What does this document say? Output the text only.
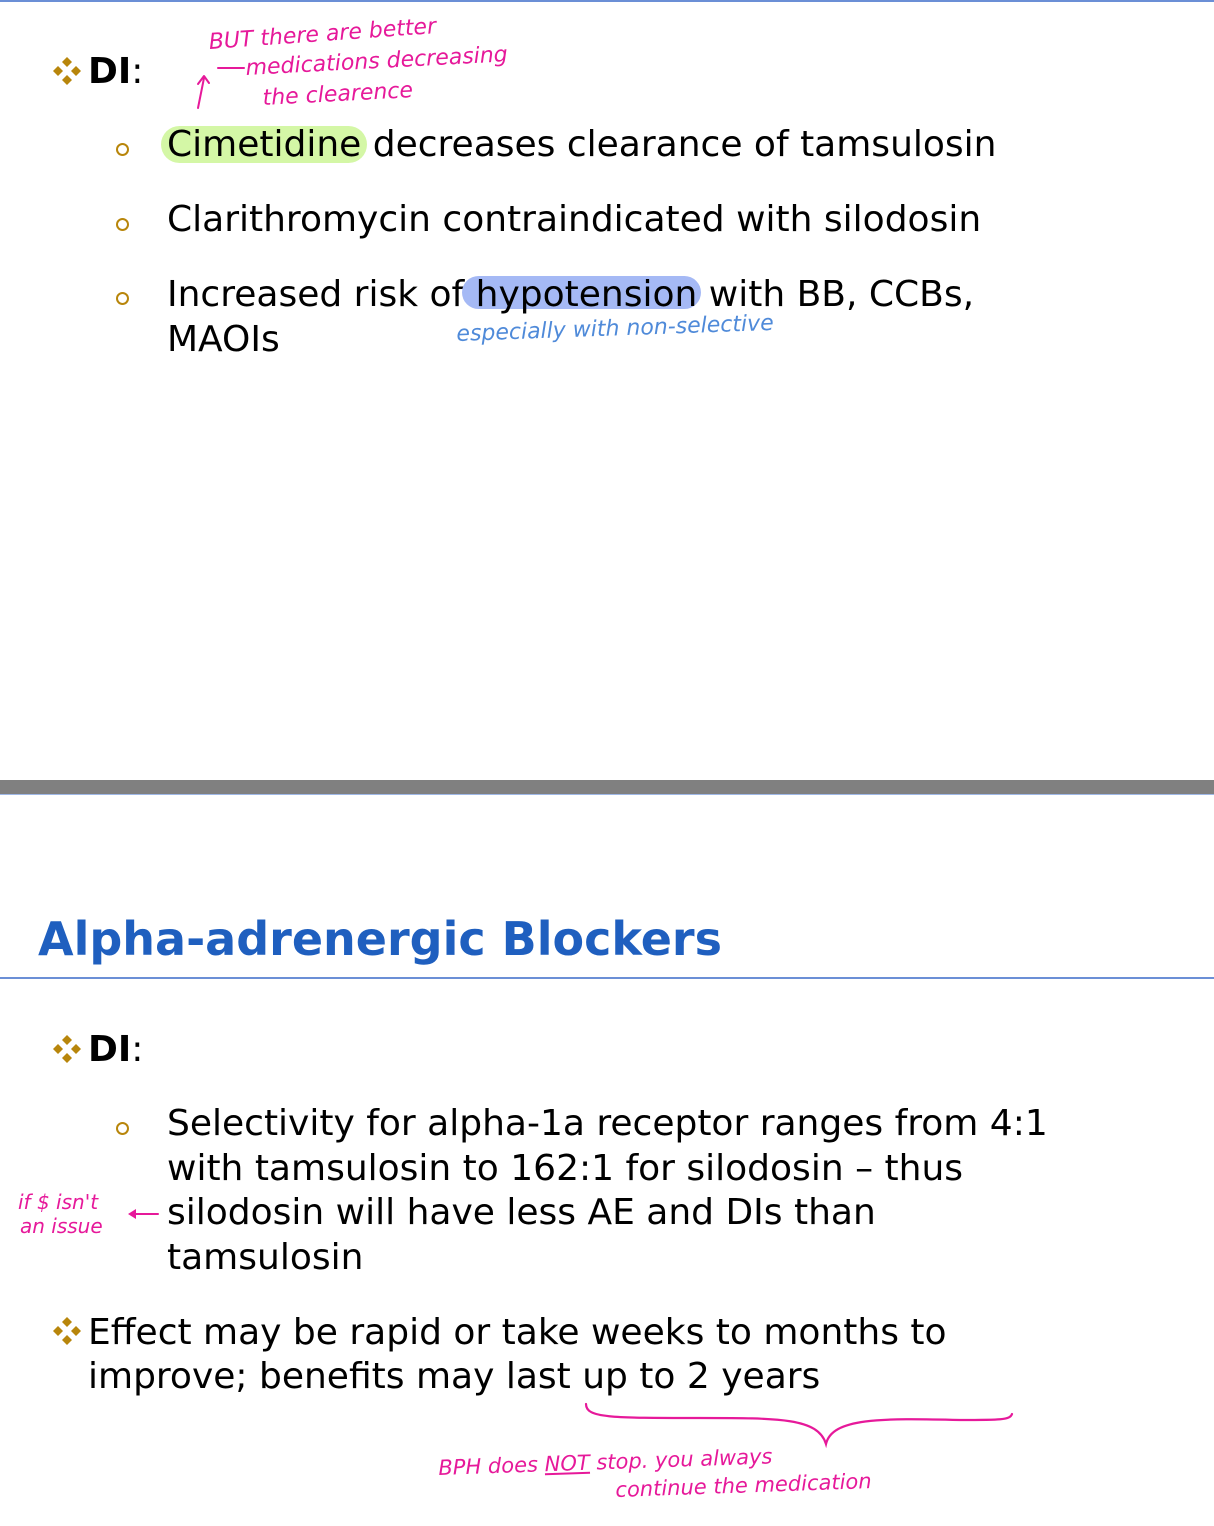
DI:
BUT there are better
medications decreasing
the clearence
Cimetidine decreases clearance of tamsulosin
Clarithromycin contraindicated with silodosin
Increased risk of hypotension with BB, CCBs,
MAOIs	especially with non-selective
Alpha-adrenergic Blockers
DI:
Selectivity for alpha-1a receptor ranges from 4:1
with tamsulosin to 162:1 for silodosin – thus
silodosin will have less AE and DIs than
tamsulosin
if $ isn't
an issue
Effect may be rapid or take weeks to months to
improve; benefits may last up to 2 years
BPH does NOT stop. you always
continue the medication
